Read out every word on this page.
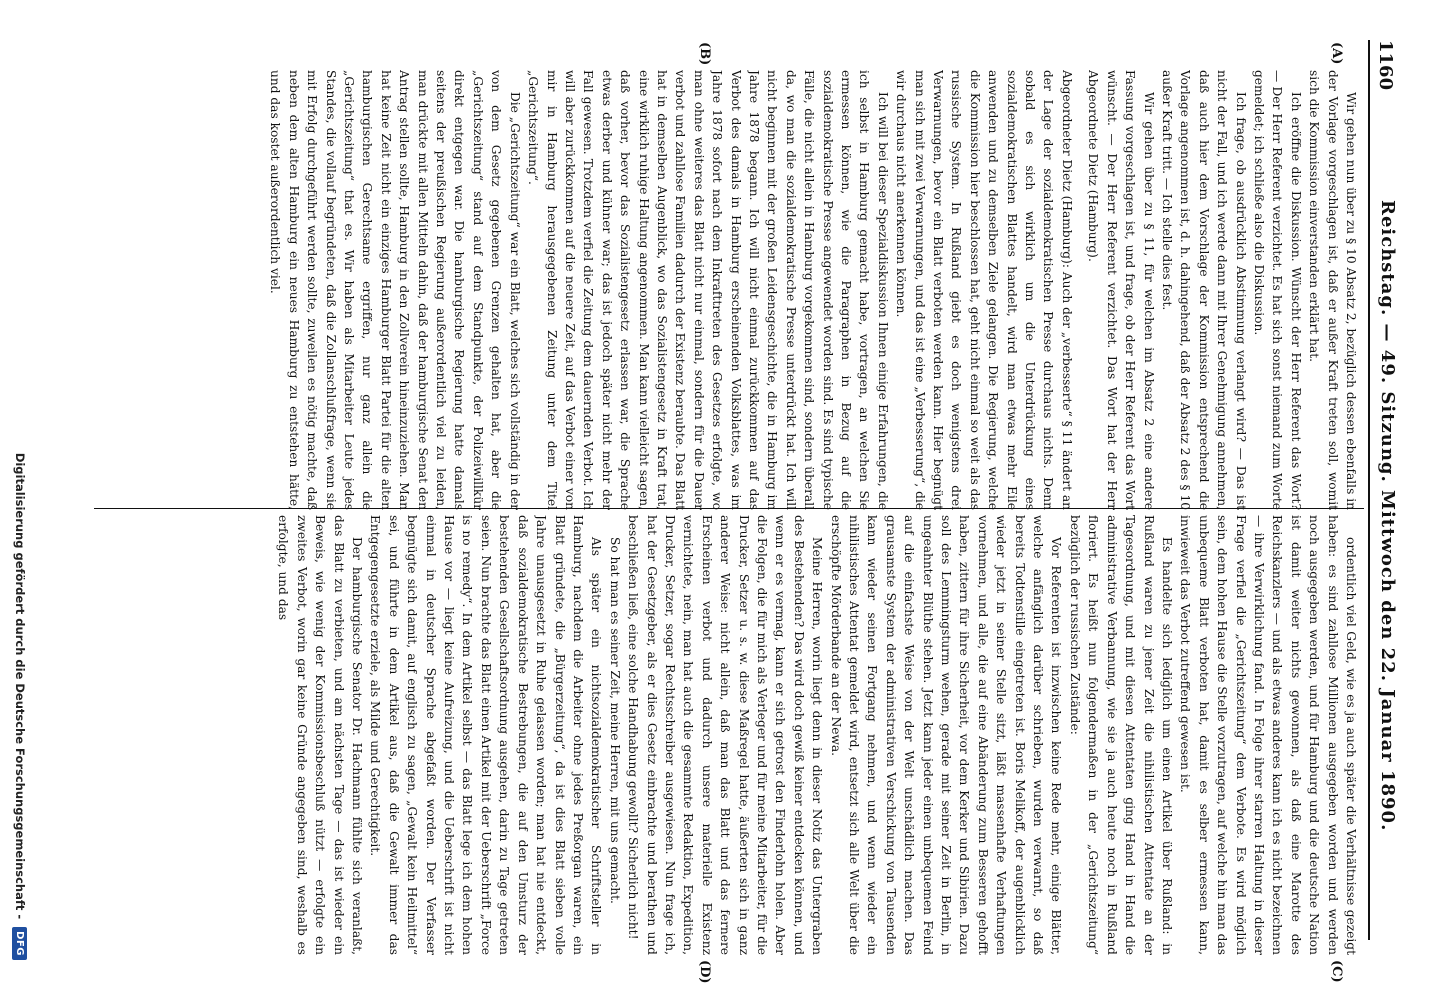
1160
Reichstag. — 49. Sitzung. Mittwoch den 22. Januar 1890.
(A)
(B)
(C)
(D)

Wir gehen nun über zu § 10 Absatz 2, bezüglich dessen ebenfalls in der Vorlage vorgeschlagen ist, daß er außer Kraft treten soll, womit sich die Kommission einverstanden erklärt hat.

Ich eröffne die Diskussion. Wünscht der Herr Referent das Wort? — Der Herr Referent verzichtet. Es hat sich sonst niemand zum Worte gemeldet; ich schließe also die Diskussion.

Ich frage, ob ausdrücklich Abstimmung verlangt wird? — Das ist nicht der Fall, und ich werde dann mit Ihrer Genehmigung annehmen, daß auch hier dem Vorschlage der Kommission entsprechend die Vorlage angenommen ist, d. h. dahingehend, daß der Absatz 2 des § 10 außer Kraft tritt. — Ich stelle dies fest.

Wir gehen über zu § 11, für welchen im Absatz 2 eine andere Fassung vorgeschlagen ist, und frage, ob der Herr Referent das Wort wünscht. — Der Herr Referent verzichtet. Das Wort hat der Herr Abgeordnete Dietz (Hamburg).

Abgeordneter Dietz (Hamburg): Auch der „verbesserte“ § 11 ändert an der Lage der sozialdemokratischen Presse durchaus nichts. Denn sobald es sich wirklich um die Unterdrückung eines sozialdemokratischen Blattes handelt, wird man etwas mehr Eile anwenden und zu demselben Ziele gelangen. Die Regierung, welche die Kommission hier beschlossen hat, geht nicht einmal so weit als das russische System. In Rußland giebt es doch wenigstens drei Verwarnungen, bevor ein Blatt verboten werden kann. Hier begnügt man sich mit zwei Verwarnungen, und das ist eine „Verbesserung“, die wir durchaus nicht anerkennen können.

Ich will bei dieser Spezialdiskussion Ihnen einige Erfahrungen, die ich selbst in Hamburg gemacht habe, vortragen, an welchen Sie ermessen können, wie die Paragraphen in Bezug auf die sozialdemokratische Presse angewendet worden sind. Es sind typische Fälle, die nicht allein in Hamburg vorgekommen sind, sondern überall da, wo man die sozialdemokratische Presse unterdrückt hat. Ich will nicht beginnen mit der großen Leidensgeschichte, die in Hamburg im Jahre 1878 begann. Ich will nicht einmal zurückkommen auf das Verbot des damals in Hamburg erscheinenden Volksblattes, was im Jahre 1878 sofort nach dem Inkrafttreten des Gesetzes erfolgte, wo man ohne weiteres das Blatt nicht nur einmal, sondern für die Dauer verbot und zahllose Familien dadurch der Existenz beraubte. Das Blatt hat in demselben Augenblick, wo das Sozialistengesetz in Kraft trat, eine wirklich ruhige Haltung angenommen. Man kann vielleicht sagen, daß vorher, bevor das Sozialistengesetz erlassen war, die Sprache etwas derber und kühner war; das ist jedoch später nicht mehr der Fall gewesen. Trotzdem verfiel die Zeitung dem dauernden Verbot. Ich will aber zurückkommen auf die neuere Zeit, auf das Verbot einer von mir in Hamburg herausgegebenen Zeitung unter dem Titel „Gerichtszeitung“.

Die „Gerichtszeitung“ war ein Blatt, welches sich vollständig in der von dem Gesetz gegebenen Grenzen gehalten hat, aber die „Gerichtszeitung“ stand auf dem Standpunkte, der Polizeiwillkür direkt entgegen war. Die hamburgische Regierung hatte damals seitens der preußischen Regierung außerordentlich viel zu leiden, man drückte mit allen Mitteln dahin, daß der hamburgische Senat den Antrag stellen sollte, Hamburg in den Zollverein hineinzuziehen. Man hat keine Zeit nicht ein einziges Hamburger Blatt Partei für die alten hamburgischen Gerechtsame ergriffen, nur ganz allein die „Gerichtszeitung“ that es. Wir haben als Mitarbeiter Leute jedes Standes, die vollauf begründeten, daß die Zollanschlußfrage, wenn sie mit Erfolg durchgeführt werden sollte, zuweilen es nötig machte, daß neben dem alten Hamburg ein neues Hamburg zu entstehen hätte, und das kostet außerordentlich viel.

ordentlich viel Geld, wie es ja auch später die Verhältnisse gezeigt haben: es sind zahllose Millionen ausgegeben worden und werden noch ausgegeben werden, und für Hamburg und die deutsche Nation ist damit weiter nichts gewonnen, als daß eine Marotte des Reichskanzlers — und als etwas anderes kann ich es nicht bezeichnen — ihre Verwirklichung fand. In Folge ihrer starren Haltung in dieser Frage verfiel die „Gerichtszeitung“ dem Verbote. Es wird möglich sein, dem hohen Hause die Stelle vorzutragen, auf welche hin man das unbequeme Blatt verboten hat, damit es selber ermessen kann, inwieweit das Verbot zutreffend gewesen ist.

Es handelte sich lediglich um einen Artikel über Rußland: in Rußland waren zu jener Zeit die nihilistischen Attentate an der Tagesordnung, und mit diesen Attentaten ging Hand in Hand die administrative Verbannung, wie sie ja auch heute noch in Rußland floriert. Es heißt nun folgendermaßen in der „Gerichtszeitung“ bezüglich der russischen Zustände:

Vor Referenten ist inzwischen keine Rede mehr, einige Blätter, welche anfänglich darüber schrieben, wurden verwarnt, so daß bereits Todtenstille eingetreten ist. Boris Melikoff, der augenblicklich wieder jetzt in seiner Stelle sitzt, läßt massenhafte Verhaftungen vornehmen, und alle, die auf eine Abänderung zum Besseren gehofft haben, zittern für ihre Sicherheit, vor dem Kerker und Sibirien. Dazu soll des Lemmingsturm wehen, gerade mit seiner Zeit in Berlin, in ungeahnter Blüthe stehen. Jetzt kann jeder einen unbequemen Feind auf die einfachste Weise von der Welt unschädlich machen. Das grausamste System der administrativen Verschickung von Tausenden kann wieder seinen Fortgang nehmen, und wenn wieder ein nihilistisches Attentat gemeldet wird, entsetzt sich alle Welt über die erschöpfte Mörderbande an der Newa.

Meine Herren, worin liegt denn in dieser Notiz das Untergraben des Bestehenden? Das wird doch gewiß keiner entdecken können, und wenn er es vermag, kann er sich getrost den Finderlohn holen. Aber die Folgen, die für mich als Verleger und für meine Mitarbeiter, für die Drucker, Setzer u. s. w. diese Maßregel hatte, äußerten sich in ganz anderer Weise: nicht allein, daß man das Blatt und das fernere Erscheinen verbot und dadurch unsere materielle Existenz vernichtete, nein, man hat auch die gesammte Redaktion, Expedition, Drucker, Setzer, sogar Rechtsschreiber ausgewiesen. Nun frage ich, hat der Gesetzgeber, als er dies Gesetz einbrachte und berathen und beschließen ließ, eine solche Handhabung gewollt? Sicherlich nicht!

So hat man es seiner Zeit, meine Herren, mit uns gemacht.

Als später ein nichtsozialdemokratischer Schriftsteller in Hamburg, nachdem die Arbeiter ohne jedes Preßorgan waren, ein Blatt gründete, die „Bürgerzeitung“, da ist dies Blatt sieben volle Jahre unausgesetzt in Ruhe gelassen worden; man hat nie entdeckt, daß sozialdemokratische Bestrebungen, die auf den Umsturz der bestehenden Gesellschaftsordnung ausgehen, darin zu Tage getreten seien. Nun brachte das Blatt einen Artikel mit der Ueberschrift „Force is no remedy“. In dem Artikel selbst — das Blatt lege ich dem hohen Hause vor — liegt keine Aufreizung, und die Ueberschrift ist nicht einmal in deutscher Sprache abgefaßt worden. Der Verfasser begnügte sich damit, auf englisch zu sagen, „Gewalt kein Heilmittel“ sei, und führte in dem Artikel aus, daß die Gewalt immer das Entgegengesetzte erziele, als Milde und Gerechtigkeit.

Der hamburgische Senator Dr. Hachmann fühlte sich veranlaßt, das Blatt zu verbieten, und am nächsten Tage — das ist wieder ein Beweis, wie wenig der Kommissionsbeschluß nützt — erfolgte ein zweites Verbot, worin gar keine Gründe angegeben sind, weshalb es erfolgte, und das

Digitalisierung gefördert durch die Deutsche Forschungsgemeinschaft -
DFG
